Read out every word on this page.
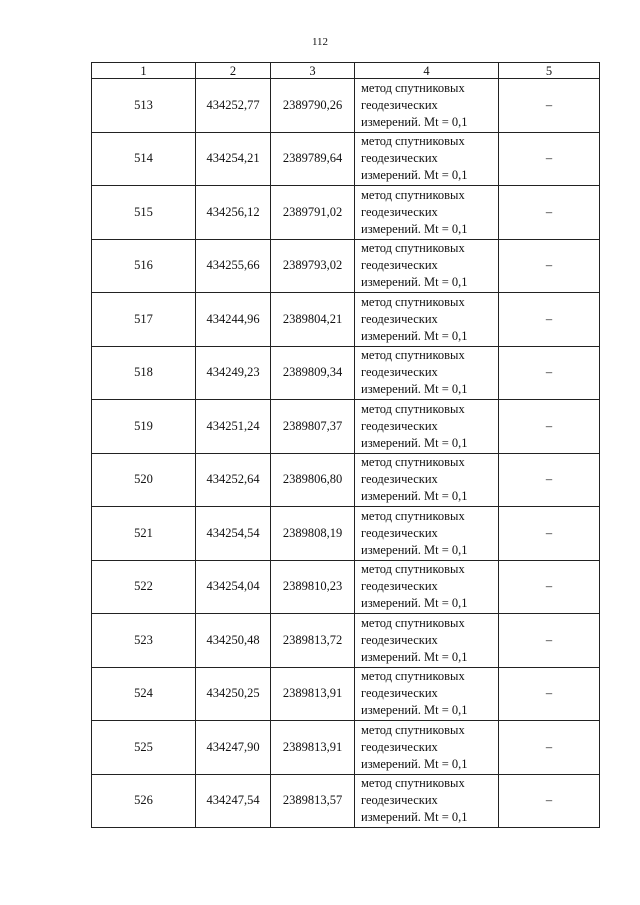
112
1	2	3	4	5
513	434252,77	2389790,26	метод спутниковых
геодезических
измерений. Mt = 0,1	–
514	434254,21	2389789,64	метод спутниковых
геодезических
измерений. Mt = 0,1	–
515	434256,12	2389791,02	метод спутниковых
геодезических
измерений. Mt = 0,1	–
516	434255,66	2389793,02	метод спутниковых
геодезических
измерений. Mt = 0,1	–
517	434244,96	2389804,21	метод спутниковых
геодезических
измерений. Mt = 0,1	–
518	434249,23	2389809,34	метод спутниковых
геодезических
измерений. Mt = 0,1	–
519	434251,24	2389807,37	метод спутниковых
геодезических
измерений. Mt = 0,1	–
520	434252,64	2389806,80	метод спутниковых
геодезических
измерений. Mt = 0,1	–
521	434254,54	2389808,19	метод спутниковых
геодезических
измерений. Mt = 0,1	–
522	434254,04	2389810,23	метод спутниковых
геодезических
измерений. Mt = 0,1	–
523	434250,48	2389813,72	метод спутниковых
геодезических
измерений. Mt = 0,1	–
524	434250,25	2389813,91	метод спутниковых
геодезических
измерений. Mt = 0,1	–
525	434247,90	2389813,91	метод спутниковых
геодезических
измерений. Mt = 0,1	–
526	434247,54	2389813,57	метод спутниковых
геодезических
измерений. Mt = 0,1	–
